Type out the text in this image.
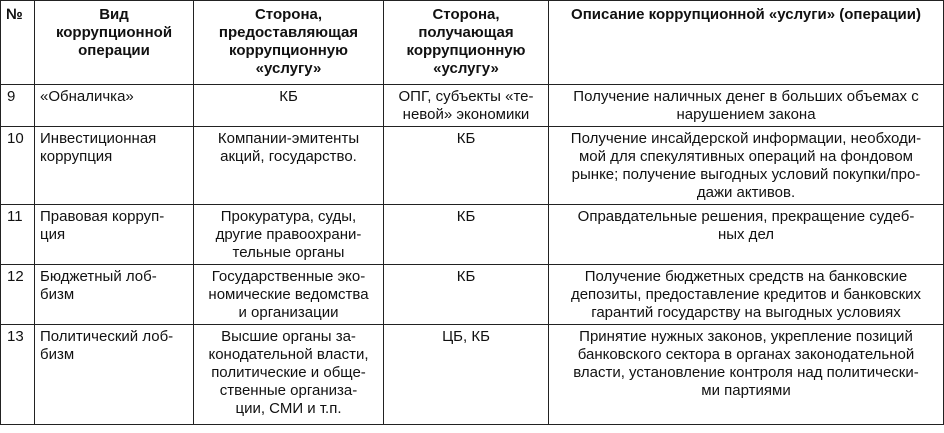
№	Вид
коррупционной
операции	Сторона,
предоставляющая
коррупционную
«услугу»	Сторона,
получающая
коррупционную
«услугу»	Описание коррупционной «услуги» (операции)

9	«Обналичка»	КБ	ОПГ, субъекты «те-
невой» экономики	Получение наличных денег в больших объемах с
нарушением закона

10	Инвестиционная
коррупция	Компании-эмитенты
акций, государство.	КБ	Получение инсайдерской информации, необходи-
мой для спекулятивных операций на фондовом
рынке; получение выгодных условий покупки/про-
дажи активов.

11	Правовая корруп-
ция	Прокуратура, суды,
другие правоохрани-
тельные органы	КБ	Оправдательные решения, прекращение судеб-
ных дел

12	Бюджетный лоб-
бизм	Государственные эко-
номические ведомства
и организации	КБ	Получение бюджетных средств на банковские
депозиты, предоставление кредитов и банковских
гарантий государству на выгодных условиях

13	Политический лоб-
бизм	Высшие органы за-
конодательной власти,
политические и обще-
ственные организа-
ции, СМИ и т.п.	ЦБ, КБ	Принятие нужных законов, укрепление позиций
банковского сектора в органах законодательной
власти, установление контроля над политически-
ми партиями
